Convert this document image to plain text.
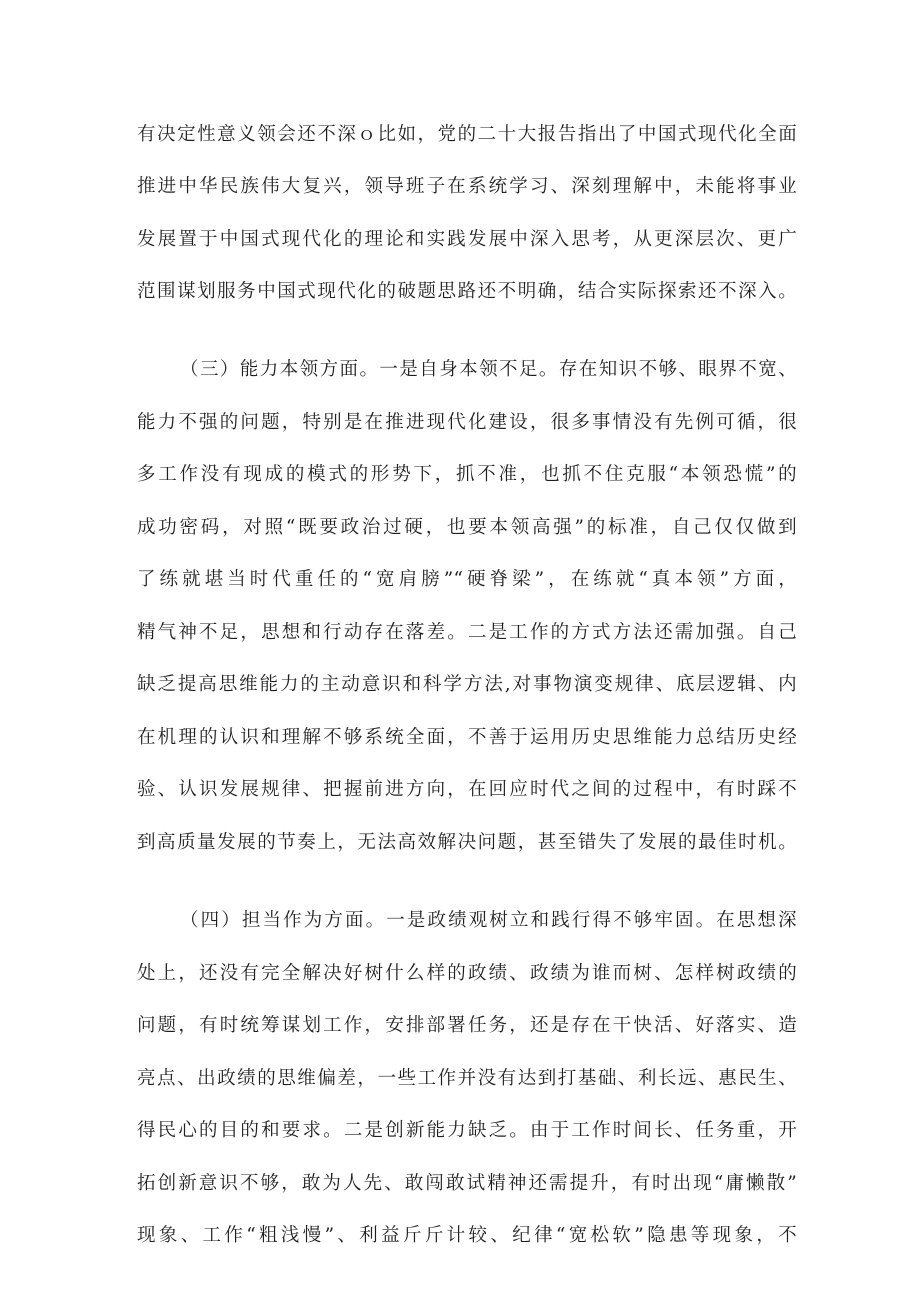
有决定性意义领会还不深ｏ比如，党的二十大报告指出了中国式现代化全面
推进中华民族伟大复兴，领导班子在系统学习、深刻理解中，未能将事业
发展置于中国式现代化的理论和实践发展中深入思考，从更深层次、更广
范围谋划服务中国式现代化的破题思路还不明确，结合实际探索还不深入。
（三）能力本领方面。一是自身本领不足。存在知识不够、眼界不宽、
能力不强的问题，特别是在推进现代化建设，很多事情没有先例可循，很
多工作没有现成的模式的形势下，抓不准，也抓不住克服“本领恐慌”的
成功密码，对照“既要政治过硬，也要本领高强”的标准，自己仅仅做到
了练就堪当时代重任的“宽肩膀”“硬脊梁”，在练就“真本领”方面，
精气神不足，思想和行动存在落差。二是工作的方式方法还需加强。自己
缺乏提高思维能力的主动意识和科学方法,对事物演变规律、底层逻辑、内
在机理的认识和理解不够系统全面，不善于运用历史思维能力总结历史经
验、认识发展规律、把握前进方向，在回应时代之间的过程中，有时踩不
到高质量发展的节奏上，无法高效解决问题，甚至错失了发展的最佳时机。
（四）担当作为方面。一是政绩观树立和践行得不够牢固。在思想深
处上，还没有完全解决好树什么样的政绩、政绩为谁而树、怎样树政绩的
问题，有时统筹谋划工作，安排部署任务，还是存在干快活、好落实、造
亮点、出政绩的思维偏差，一些工作并没有达到打基础、利长远、惠民生、
得民心的目的和要求。二是创新能力缺乏。由于工作时间长、任务重，开
拓创新意识不够，敢为人先、敢闯敢试精神还需提升，有时出现“庸懒散”
现象、工作“粗浅慢”、利益斤斤计较、纪律“宽松软”隐患等现象，不
